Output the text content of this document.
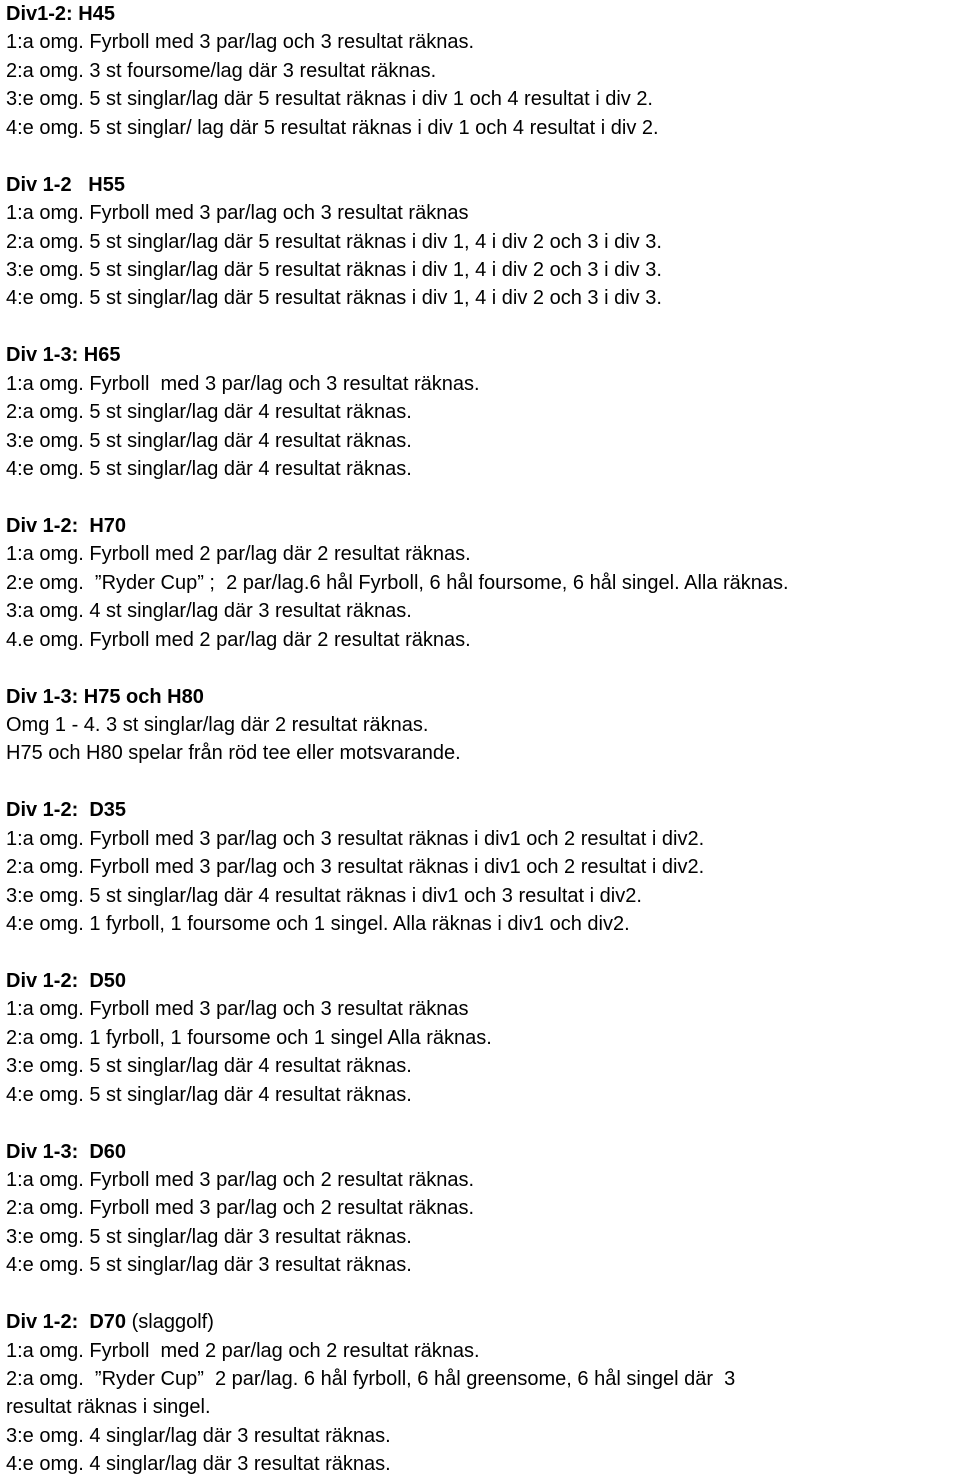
Div1-2: H45
1:a omg. Fyrboll med 3 par/lag och 3 resultat räknas.
2:a omg. 3 st foursome/lag där 3 resultat räknas.
3:e omg. 5 st singlar/lag där 5 resultat räknas i div 1 och 4 resultat i div 2.
4:e omg. 5 st singlar/ lag där 5 resultat räknas i div 1 och 4 resultat i div 2.
Div 1-2   H55
1:a omg. Fyrboll med 3 par/lag och 3 resultat räknas
2:a omg. 5 st singlar/lag där 5 resultat räknas i div 1, 4 i div 2 och 3 i div 3.
3:e omg. 5 st singlar/lag där 5 resultat räknas i div 1, 4 i div 2 och 3 i div 3.
4:e omg. 5 st singlar/lag där 5 resultat räknas i div 1, 4 i div 2 och 3 i div 3.
Div 1-3: H65
1:a omg. Fyrboll  med 3 par/lag och 3 resultat räknas.
2:a omg. 5 st singlar/lag där 4 resultat räknas.
3:e omg. 5 st singlar/lag där 4 resultat räknas.
4:e omg. 5 st singlar/lag där 4 resultat räknas.
Div 1-2:  H70
1:a omg. Fyrboll med 2 par/lag där 2 resultat räknas.
2:e omg.  ”Ryder Cup” ;  2 par/lag.6 hål Fyrboll, 6 hål foursome, 6 hål singel. Alla räknas.
3:a omg. 4 st singlar/lag där 3 resultat räknas.
4.e omg. Fyrboll med 2 par/lag där 2 resultat räknas.
Div 1-3: H75 och H80
Omg 1 - 4. 3 st singlar/lag där 2 resultat räknas.
H75 och H80 spelar från röd tee eller motsvarande.
Div 1-2:  D35
1:a omg. Fyrboll med 3 par/lag och 3 resultat räknas i div1 och 2 resultat i div2.
2:a omg. Fyrboll med 3 par/lag och 3 resultat räknas i div1 och 2 resultat i div2.
3:e omg. 5 st singlar/lag där 4 resultat räknas i div1 och 3 resultat i div2.
4:e omg. 1 fyrboll, 1 foursome och 1 singel. Alla räknas i div1 och div2.
Div 1-2:  D50
1:a omg. Fyrboll med 3 par/lag och 3 resultat räknas
2:a omg. 1 fyrboll, 1 foursome och 1 singel Alla räknas.
3:e omg. 5 st singlar/lag där 4 resultat räknas.
4:e omg. 5 st singlar/lag där 4 resultat räknas.
Div 1-3:  D60
1:a omg. Fyrboll med 3 par/lag och 2 resultat räknas.
2:a omg. Fyrboll med 3 par/lag och 2 resultat räknas.
3:e omg. 5 st singlar/lag där 3 resultat räknas.
4:e omg. 5 st singlar/lag där 3 resultat räknas.
Div 1-2:  D70 (slaggolf)
1:a omg. Fyrboll  med 2 par/lag och 2 resultat räknas.
2:a omg.  ”Ryder Cup”  2 par/lag. 6 hål fyrboll, 6 hål greensome, 6 hål singel där  3
resultat räknas i singel.
3:e omg. 4 singlar/lag där 3 resultat räknas.
4:e omg. 4 singlar/lag där 3 resultat räknas.
